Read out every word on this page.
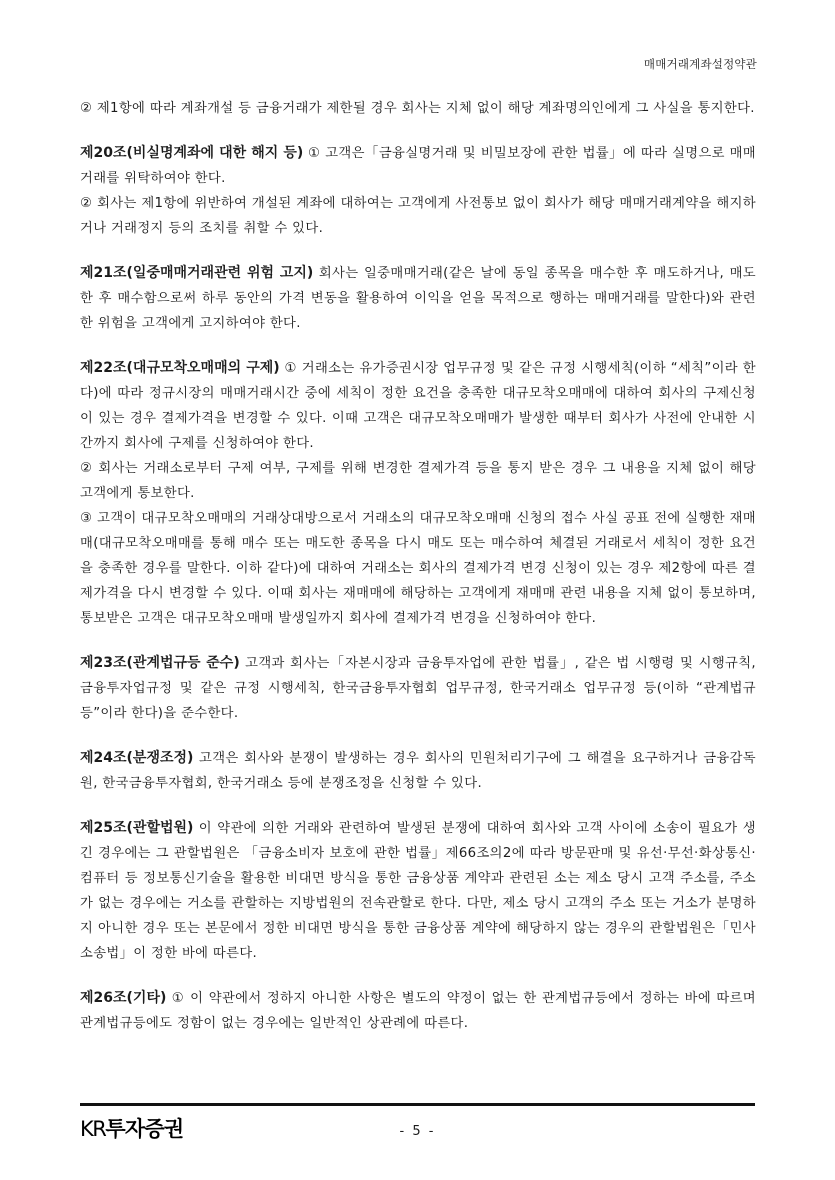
매매거래계좌설정약관

② 제1항에 따라 계좌개설 등 금융거래가 제한될 경우 회사는 지체 없이 해당 계좌명의인에게 그 사실을 통지한다.

제20조(비실명계좌에 대한 해지 등) ① 고객은「금융실명거래 및 비밀보장에 관한 법률」에 따라 실명으로 매매거래를 위탁하여야 한다.

② 회사는 제1항에 위반하여 개설된 계좌에 대하여는 고객에게 사전통보 없이 회사가 해당 매매거래계약을 해지하거나 거래정지 등의 조치를 취할 수 있다.

제21조(일중매매거래관련 위험 고지) 회사는 일중매매거래(같은 날에 동일 종목을 매수한 후 매도하거나, 매도한 후 매수함으로써 하루 동안의 가격 변동을 활용하여 이익을 얻을 목적으로 행하는 매매거래를 말한다)와 관련한 위험을 고객에게 고지하여야 한다.

제22조(대규모착오매매의 구제) ① 거래소는 유가증권시장 업무규정 및 같은 규정 시행세칙(이하 “세칙”이라 한다)에 따라 정규시장의 매매거래시간 중에 세칙이 정한 요건을 충족한 대규모착오매매에 대하여 회사의 구제신청이 있는 경우 결제가격을 변경할 수 있다. 이때 고객은 대규모착오매매가 발생한 때부터 회사가 사전에 안내한 시간까지 회사에 구제를 신청하여야 한다.

② 회사는 거래소로부터 구제 여부, 구제를 위해 변경한 결제가격 등을 통지 받은 경우 그 내용을 지체 없이 해당 고객에게 통보한다.

③ 고객이 대규모착오매매의 거래상대방으로서 거래소의 대규모착오매매 신청의 접수 사실 공표 전에 실행한 재매매(대규모착오매매를 통해 매수 또는 매도한 종목을 다시 매도 또는 매수하여 체결된 거래로서 세칙이 정한 요건을 충족한 경우를 말한다. 이하 같다)에 대하여 거래소는 회사의 결제가격 변경 신청이 있는 경우 제2항에 따른 결제가격을 다시 변경할 수 있다. 이때 회사는 재매매에 해당하는 고객에게 재매매 관련 내용을 지체 없이 통보하며, 통보받은 고객은 대규모착오매매 발생일까지 회사에 결제가격 변경을 신청하여야 한다.

제23조(관계법규등 준수) 고객과 회사는「자본시장과 금융투자업에 관한 법률」, 같은 법 시행령 및 시행규칙, 금융투자업규정 및 같은 규정 시행세칙, 한국금융투자협회 업무규정, 한국거래소 업무규정 등(이하 “관계법규등”이라 한다)을 준수한다.

제24조(분쟁조정) 고객은 회사와 분쟁이 발생하는 경우 회사의 민원처리기구에 그 해결을 요구하거나 금융감독원, 한국금융투자협회, 한국거래소 등에 분쟁조정을 신청할 수 있다.

제25조(관할법원) 이 약관에 의한 거래와 관련하여 발생된 분쟁에 대하여 회사와 고객 사이에 소송이 필요가 생긴 경우에는 그 관할법원은 「금융소비자 보호에 관한 법률」제66조의2에 따라 방문판매 및 유선·무선·화상통신·컴퓨터 등 정보통신기술을 활용한 비대면 방식을 통한 금융상품 계약과 관련된 소는 제소 당시 고객 주소를, 주소가 없는 경우에는 거소를 관할하는 지방법원의 전속관할로 한다. 다만, 제소 당시 고객의 주소 또는 거소가 분명하지 아니한 경우 또는 본문에서 정한 비대면 방식을 통한 금융상품 계약에 해당하지 않는 경우의 관할법원은「민사소송법」이 정한 바에 따른다.

제26조(기타) ① 이 약관에서 정하지 아니한 사항은 별도의 약정이 없는 한 관계법규등에서 정하는 바에 따르며 관계법규등에도 정함이 없는 경우에는 일반적인 상관례에 따른다.

KR투자증권	- 5 -
